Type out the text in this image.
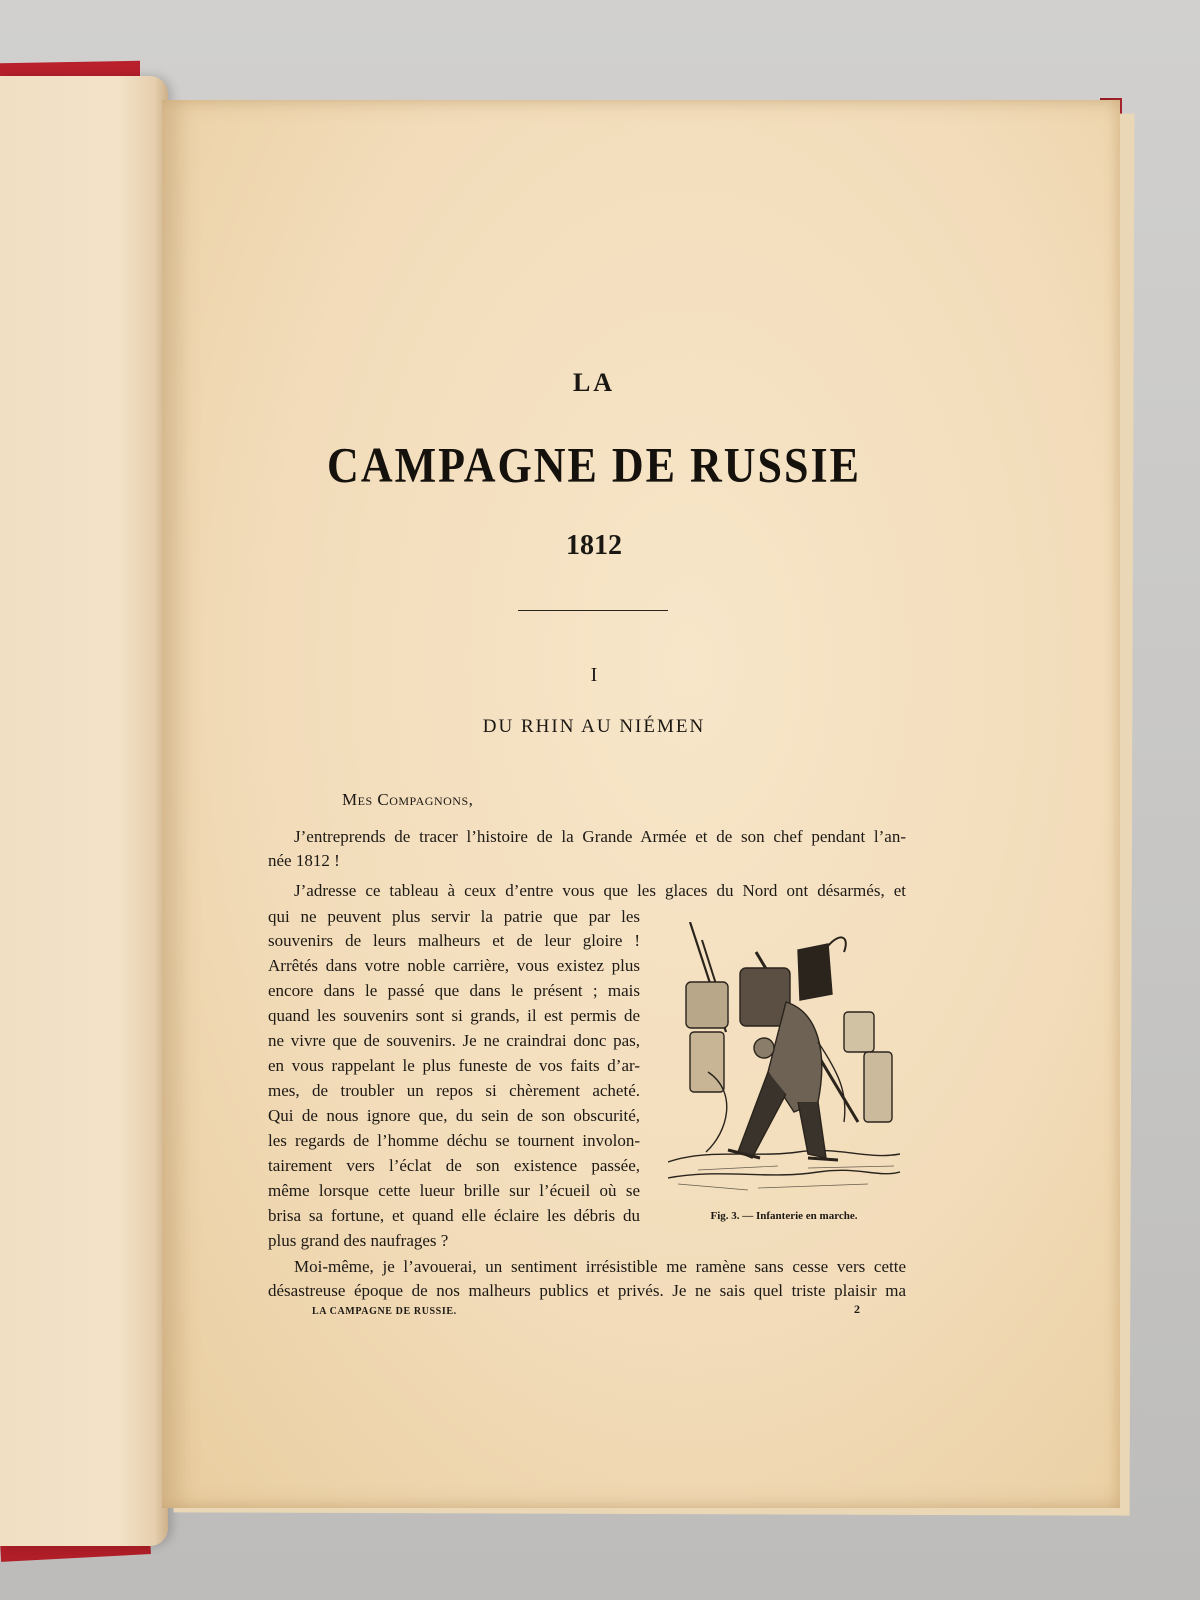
LA
CAMPAGNE DE RUSSIE
1812
I
DU RHIN AU NIÉMEN
Mes Compagnons,
J’entreprends de tracer l’histoire de la Grande Armée et de son chef pendant l’an-
née 1812 !
J’adresse ce tableau à ceux d’entre vous que les glaces du Nord ont désarmés, et
qui ne peuvent plus servir la patrie que par les
souvenirs de leurs malheurs et de leur gloire !
Arrêtés dans votre noble carrière, vous existez plus
encore dans le passé que dans le présent ; mais
quand les souvenirs sont si grands, il est permis de
ne vivre que de souvenirs. Je ne craindrai donc pas,
en vous rappelant le plus funeste de vos faits d’ar-
mes, de troubler un repos si chèrement acheté.
Qui de nous ignore que, du sein de son obscurité,
les regards de l’homme déchu se tournent involon-
tairement vers l’éclat de son existence passée,
même lorsque cette lueur brille sur l’écueil où se
brisa sa fortune, et quand elle éclaire les débris du
plus grand des naufrages ?
Moi-même, je l’avouerai, un sentiment irrésistible me ramène sans cesse vers cette
désastreuse époque de nos malheurs publics et privés. Je ne sais quel triste plaisir ma
Fig. 3. — Infanterie en marche.
LA CAMPAGNE DE RUSSIE.	2
